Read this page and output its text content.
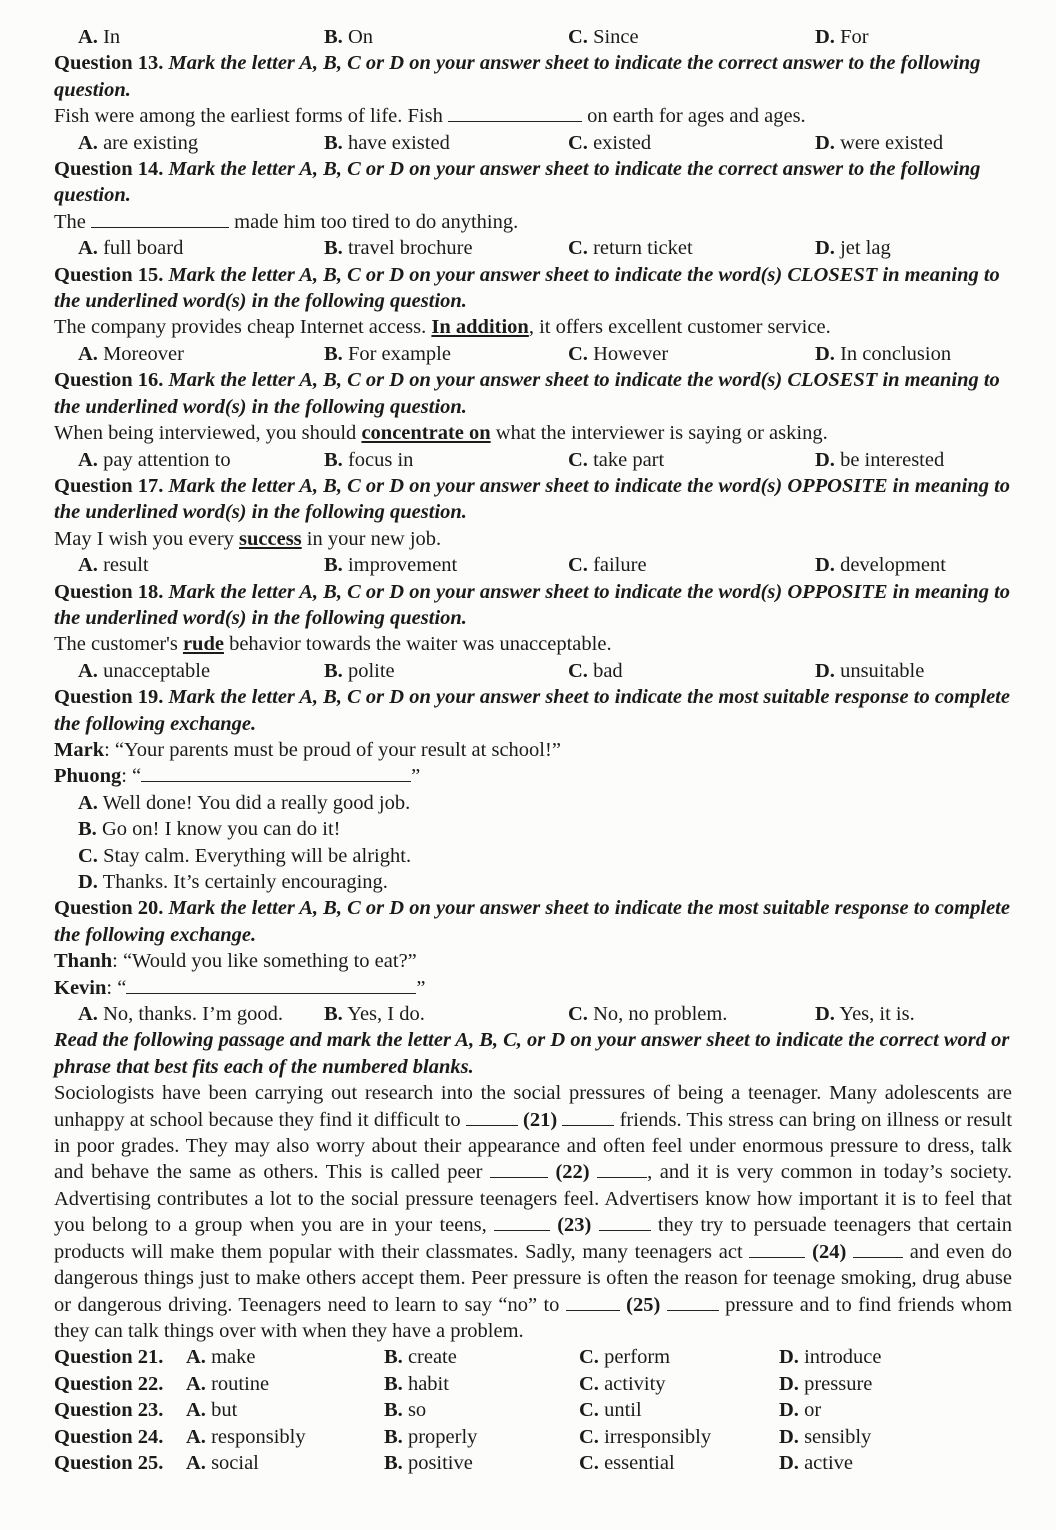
A. In	B. On	C. Since	D. For
Question 13. Mark the letter A, B, C or D on your answer sheet to indicate the correct answer to the following question.
Fish were among the earliest forms of life. Fish	on earth for ages and ages.
A. are existing	B. have existed	C. existed	D. were existed
Question 14. Mark the letter A, B, C or D on your answer sheet to indicate the correct answer to the following question.
The	made him too tired to do anything.
A. full board	B. travel brochure	C. return ticket	D. jet lag
Question 15. Mark the letter A, B, C or D on your answer sheet to indicate the word(s) CLOSEST in meaning to the underlined word(s) in the following question.
The company provides cheap Internet access. In addition, it offers excellent customer service.
A. Moreover	B. For example	C. However	D. In conclusion
Question 16. Mark the letter A, B, C or D on your answer sheet to indicate the word(s) CLOSEST in meaning to the underlined word(s) in the following question.
When being interviewed, you should concentrate on what the interviewer is saying or asking.
A. pay attention to	B. focus in	C. take part	D. be interested
Question 17. Mark the letter A, B, C or D on your answer sheet to indicate the word(s) OPPOSITE in meaning to the underlined word(s) in the following question.
May I wish you every success in your new job.
A. result	B. improvement	C. failure	D. development
Question 18. Mark the letter A, B, C or D on your answer sheet to indicate the word(s) OPPOSITE in meaning to the underlined word(s) in the following question.
The customer's rude behavior towards the waiter was unacceptable.
A. unacceptable	B. polite	C. bad	D. unsuitable
Question 19. Mark the letter A, B, C or D on your answer sheet to indicate the most suitable response to complete the following exchange.
Mark: “Your parents must be proud of your result at school!”
Phuong: “	”
A. Well done! You did a really good job.
B. Go on! I know you can do it!
C. Stay calm. Everything will be alright.
D. Thanks. It’s certainly encouraging.
Question 20. Mark the letter A, B, C or D on your answer sheet to indicate the most suitable response to complete the following exchange.
Thanh: “Would you like something to eat?”
Kevin: “	”
A. No, thanks. I’m good.	B. Yes, I do.	C. No, no problem.	D. Yes, it is.
Read the following passage and mark the letter A, B, C, or D on your answer sheet to indicate the correct word or phrase that best fits each of the numbered blanks.
Sociologists have been carrying out research into the social pressures of being a teenager. Many adolescents are unhappy at school because they find it difficult to	(21)	friends. This stress can bring on illness or result in poor grades. They may also worry about their appearance and often feel under enormous pressure to dress, talk and behave the same as others. This is called peer	(22)	, and it is very common in today’s society. Advertising contributes a lot to the social pressure teenagers feel. Advertisers know how important it is to feel that you belong to a group when you are in your teens,	(23)	they try to persuade teenagers that certain products will make them popular with their classmates. Sadly, many teenagers act	(24)	and even do dangerous things just to make others accept them. Peer pressure is often the reason for teenage smoking, drug abuse or dangerous driving. Teenagers need to learn to say “no” to	(25)	pressure and to find friends whom they can talk things over with when they have a problem.
Question 21.	A. make	B. create	C. perform	D. introduce
Question 22.	A. routine	B. habit	C. activity	D. pressure
Question 23.	A. but	B. so	C. until	D. or
Question 24.	A. responsibly	B. properly	C. irresponsibly	D. sensibly
Question 25.	A. social	B. positive	C. essential	D. active
